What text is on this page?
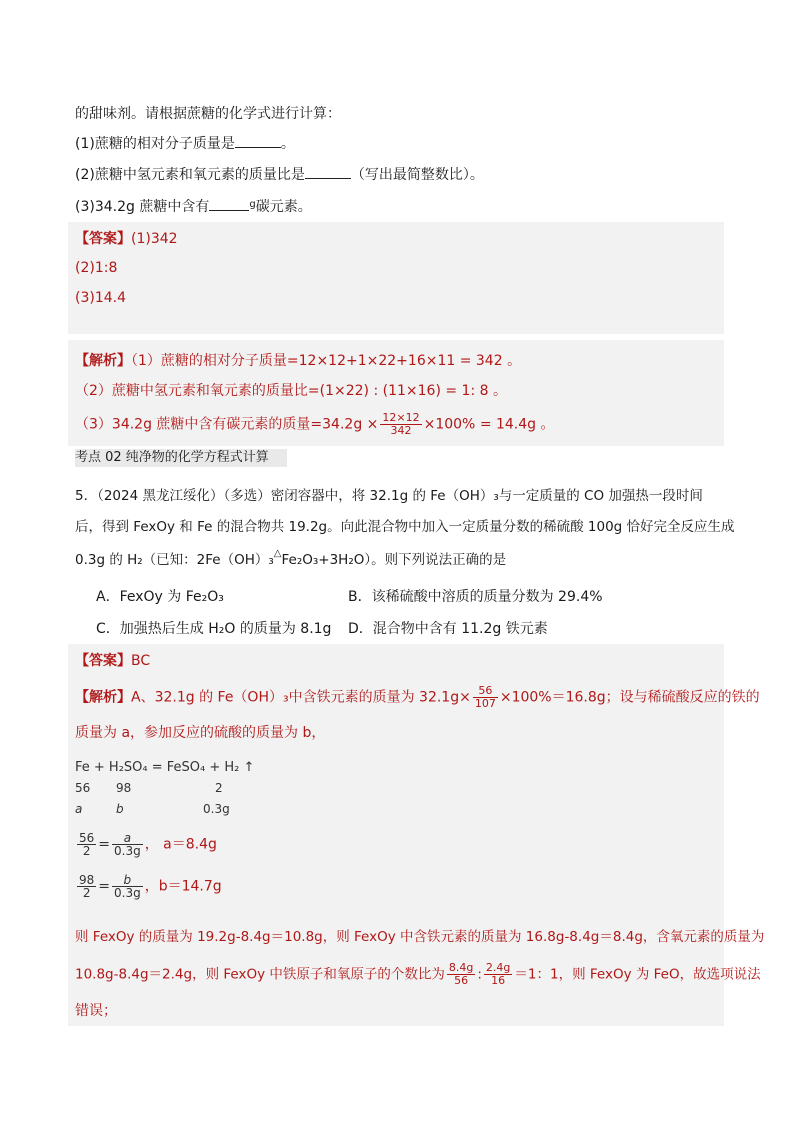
的甜味剂。请根据蔗糖的化学式进行计算：
(1)蔗糖的相对分子质量是	。
(2)蔗糖中氢元素和氧元素的质量比是	（写出最简整数比）。
(3)34.2g 蔗糖中含有	$^g$碳元素。
【答案】(1)342
(2)1:8
(3)14.4
【解析】（1）蔗糖的相对分子质量=12×12+1×22+16×11 = 342 。
（2）蔗糖中氢元素和氧元素的质量比=(1×22) : (11×16) = 1: 8 。
（3）34.2g 蔗糖中含有碳元素的质量$=34.2g \times \frac{12\times 12}{342} \times 100\% = 14.4g$ 。
考点 02 纯净物的化学方程式计算
5．（2024 黑龙江绥化）（多选）密闭容器中，将 32.1g 的 Fe（OH）₃与一定质量的 CO 加强热一段时间
后，得到 FexOy 和 Fe 的混合物共 19.2g。向此混合物中加入一定质量分数的稀硫酸 100g 恰好完全反应生成
0.3g 的 H₂（已知：2Fe（OH）₃△Fe₂O₃+3H₂O）。则下列说法正确的是
A．FexOy 为 Fe₂O₃	B．该稀硫酸中溶质的质量分数为 29.4%
C．加强热后生成 H₂O 的质量为 8.1g D．混合物中含有 11.2g 铁元素
【答案】BC
【解析】A、32.1g 的 Fe（OH）₃中含铁元素的质量为 $32.1g\times \frac{56}{107} \times 100\%=16.8g$；设与稀硫酸反应的铁的
质量为 a，参加反应的硫酸的质量为 b，
Fe + H₂SO₄ = FeSO₄ + H₂ ↑
56 98	2
a	b	0.3g
$\frac{56}{2} = \frac{a}{0.3g}$ ， a＝8.4g
$\frac{98}{2} = \frac{b}{0.3g}$ ，b＝14.7g
则 FexOy 的质量为 19.2g-8.4g＝10.8g，则 FexOy 中含铁元素的质量为 16.8g-8.4g＝8.4g，含氧元素的质量为
10.8g-8.4g＝2.4g，则 FexOy 中铁原子和氧原子的个数比为 $\frac{8.4g}{56}$ : $\frac{2.4g}{16} =1$：1，则 FexOy 为 FeO，故选项说法
错误；
